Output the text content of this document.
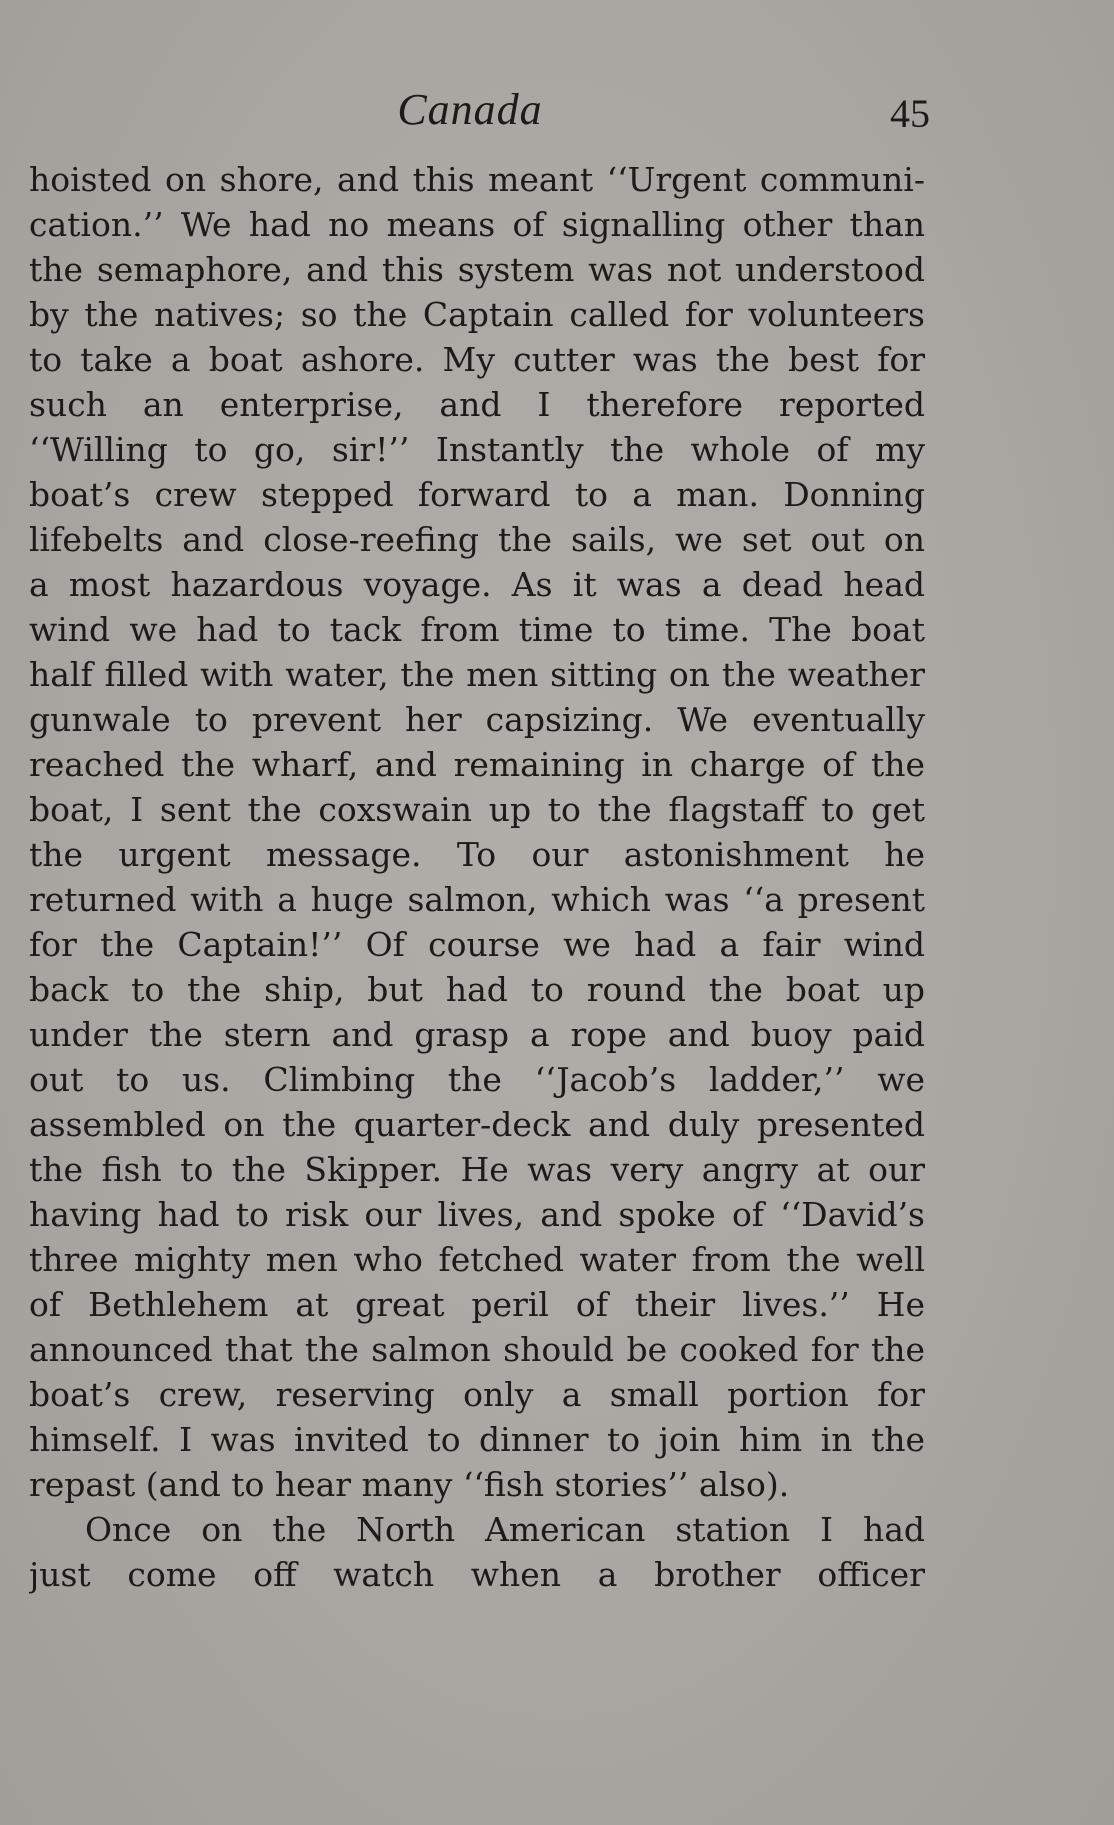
Canada	45
hoisted on shore, and this meant ‘‘Urgent communi-
cation.’’ We had no means of signalling other than
the semaphore, and this system was not understood
by the natives; so the Captain called for volunteers
to take a boat ashore. My cutter was the best for
such an enterprise, and I therefore reported
‘‘Willing to go, sir!’’ Instantly the whole of my
boat’s crew stepped forward to a man. Donning
lifebelts and close-reefing the sails, we set out on
a most hazardous voyage. As it was a dead head
wind we had to tack from time to time. The boat
half filled with water, the men sitting on the weather
gunwale to prevent her capsizing. We eventually
reached the wharf, and remaining in charge of the
boat, I sent the coxswain up to the flagstaff to get
the urgent message. To our astonishment he
returned with a huge salmon, which was ‘‘a present
for the Captain!’’ Of course we had a fair wind
back to the ship, but had to round the boat up
under the stern and grasp a rope and buoy paid
out to us. Climbing the ‘‘Jacob’s ladder,’’ we
assembled on the quarter-deck and duly presented
the fish to the Skipper. He was very angry at our
having had to risk our lives, and spoke of ‘‘David’s
three mighty men who fetched water from the well
of Bethlehem at great peril of their lives.’’ He
announced that the salmon should be cooked for the
boat’s crew, reserving only a small portion for
himself. I was invited to dinner to join him in the
repast (and to hear many ‘‘fish stories’’ also).
Once on the North American station I had
just come off watch when a brother officer
